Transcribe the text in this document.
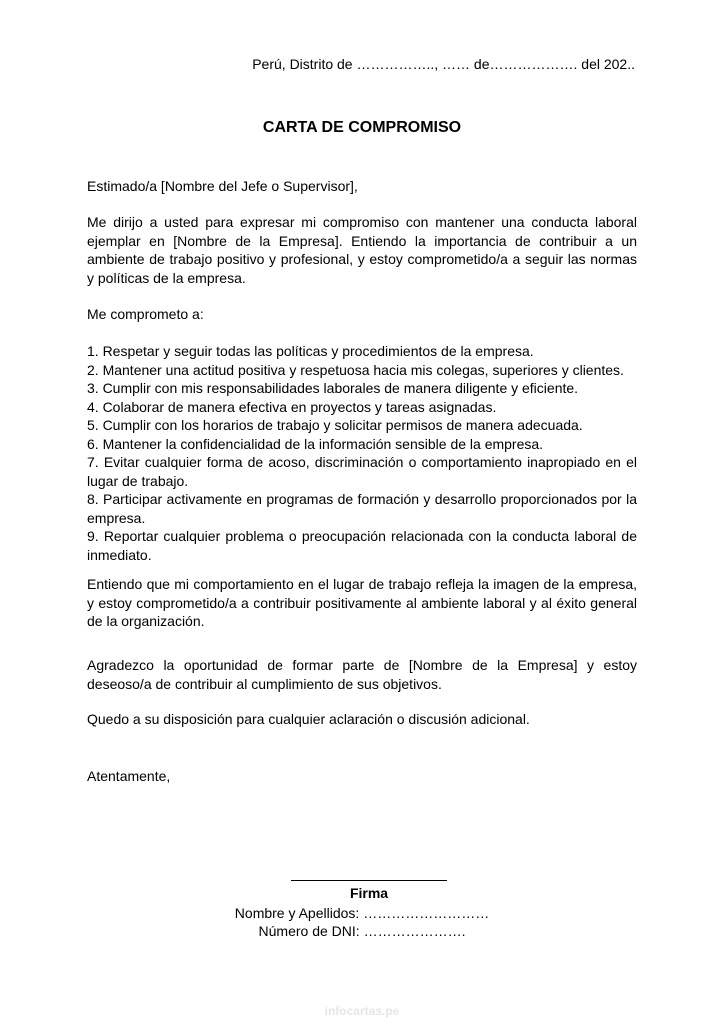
Perú, Distrito de …………….., …… de………………. del 202..
CARTA DE COMPROMISO

Estimado/a [Nombre del Jefe o Supervisor],

Me dirijo a usted para expresar mi compromiso con mantener una conducta laboral ejemplar en [Nombre de la Empresa]. Entiendo la importancia de contribuir a un ambiente de trabajo positivo y profesional, y estoy comprometido/a a seguir las normas y políticas de la empresa.

Me comprometo a:

1. Respetar y seguir todas las políticas y procedimientos de la empresa.

2. Mantener una actitud positiva y respetuosa hacia mis colegas, superiores y clientes.

3. Cumplir con mis responsabilidades laborales de manera diligente y eficiente.

4. Colaborar de manera efectiva en proyectos y tareas asignadas.

5. Cumplir con los horarios de trabajo y solicitar permisos de manera adecuada.

6. Mantener la confidencialidad de la información sensible de la empresa.

7. Evitar cualquier forma de acoso, discriminación o comportamiento inapropiado en el lugar de trabajo.

8. Participar activamente en programas de formación y desarrollo proporcionados por la empresa.

9. Reportar cualquier problema o preocupación relacionada con la conducta laboral de inmediato.

Entiendo que mi comportamiento en el lugar de trabajo refleja la imagen de la empresa, y estoy comprometido/a a contribuir positivamente al ambiente laboral y al éxito general de la organización.

Agradezco la oportunidad de formar parte de [Nombre de la Empresa] y estoy deseoso/a de contribuir al cumplimiento de sus objetivos.

Quedo a su disposición para cualquier aclaración o discusión adicional.

Atentamente,

Firma
Nombre y Apellidos: ………………………
Número de DNI: ………………….
infocartas.pe
